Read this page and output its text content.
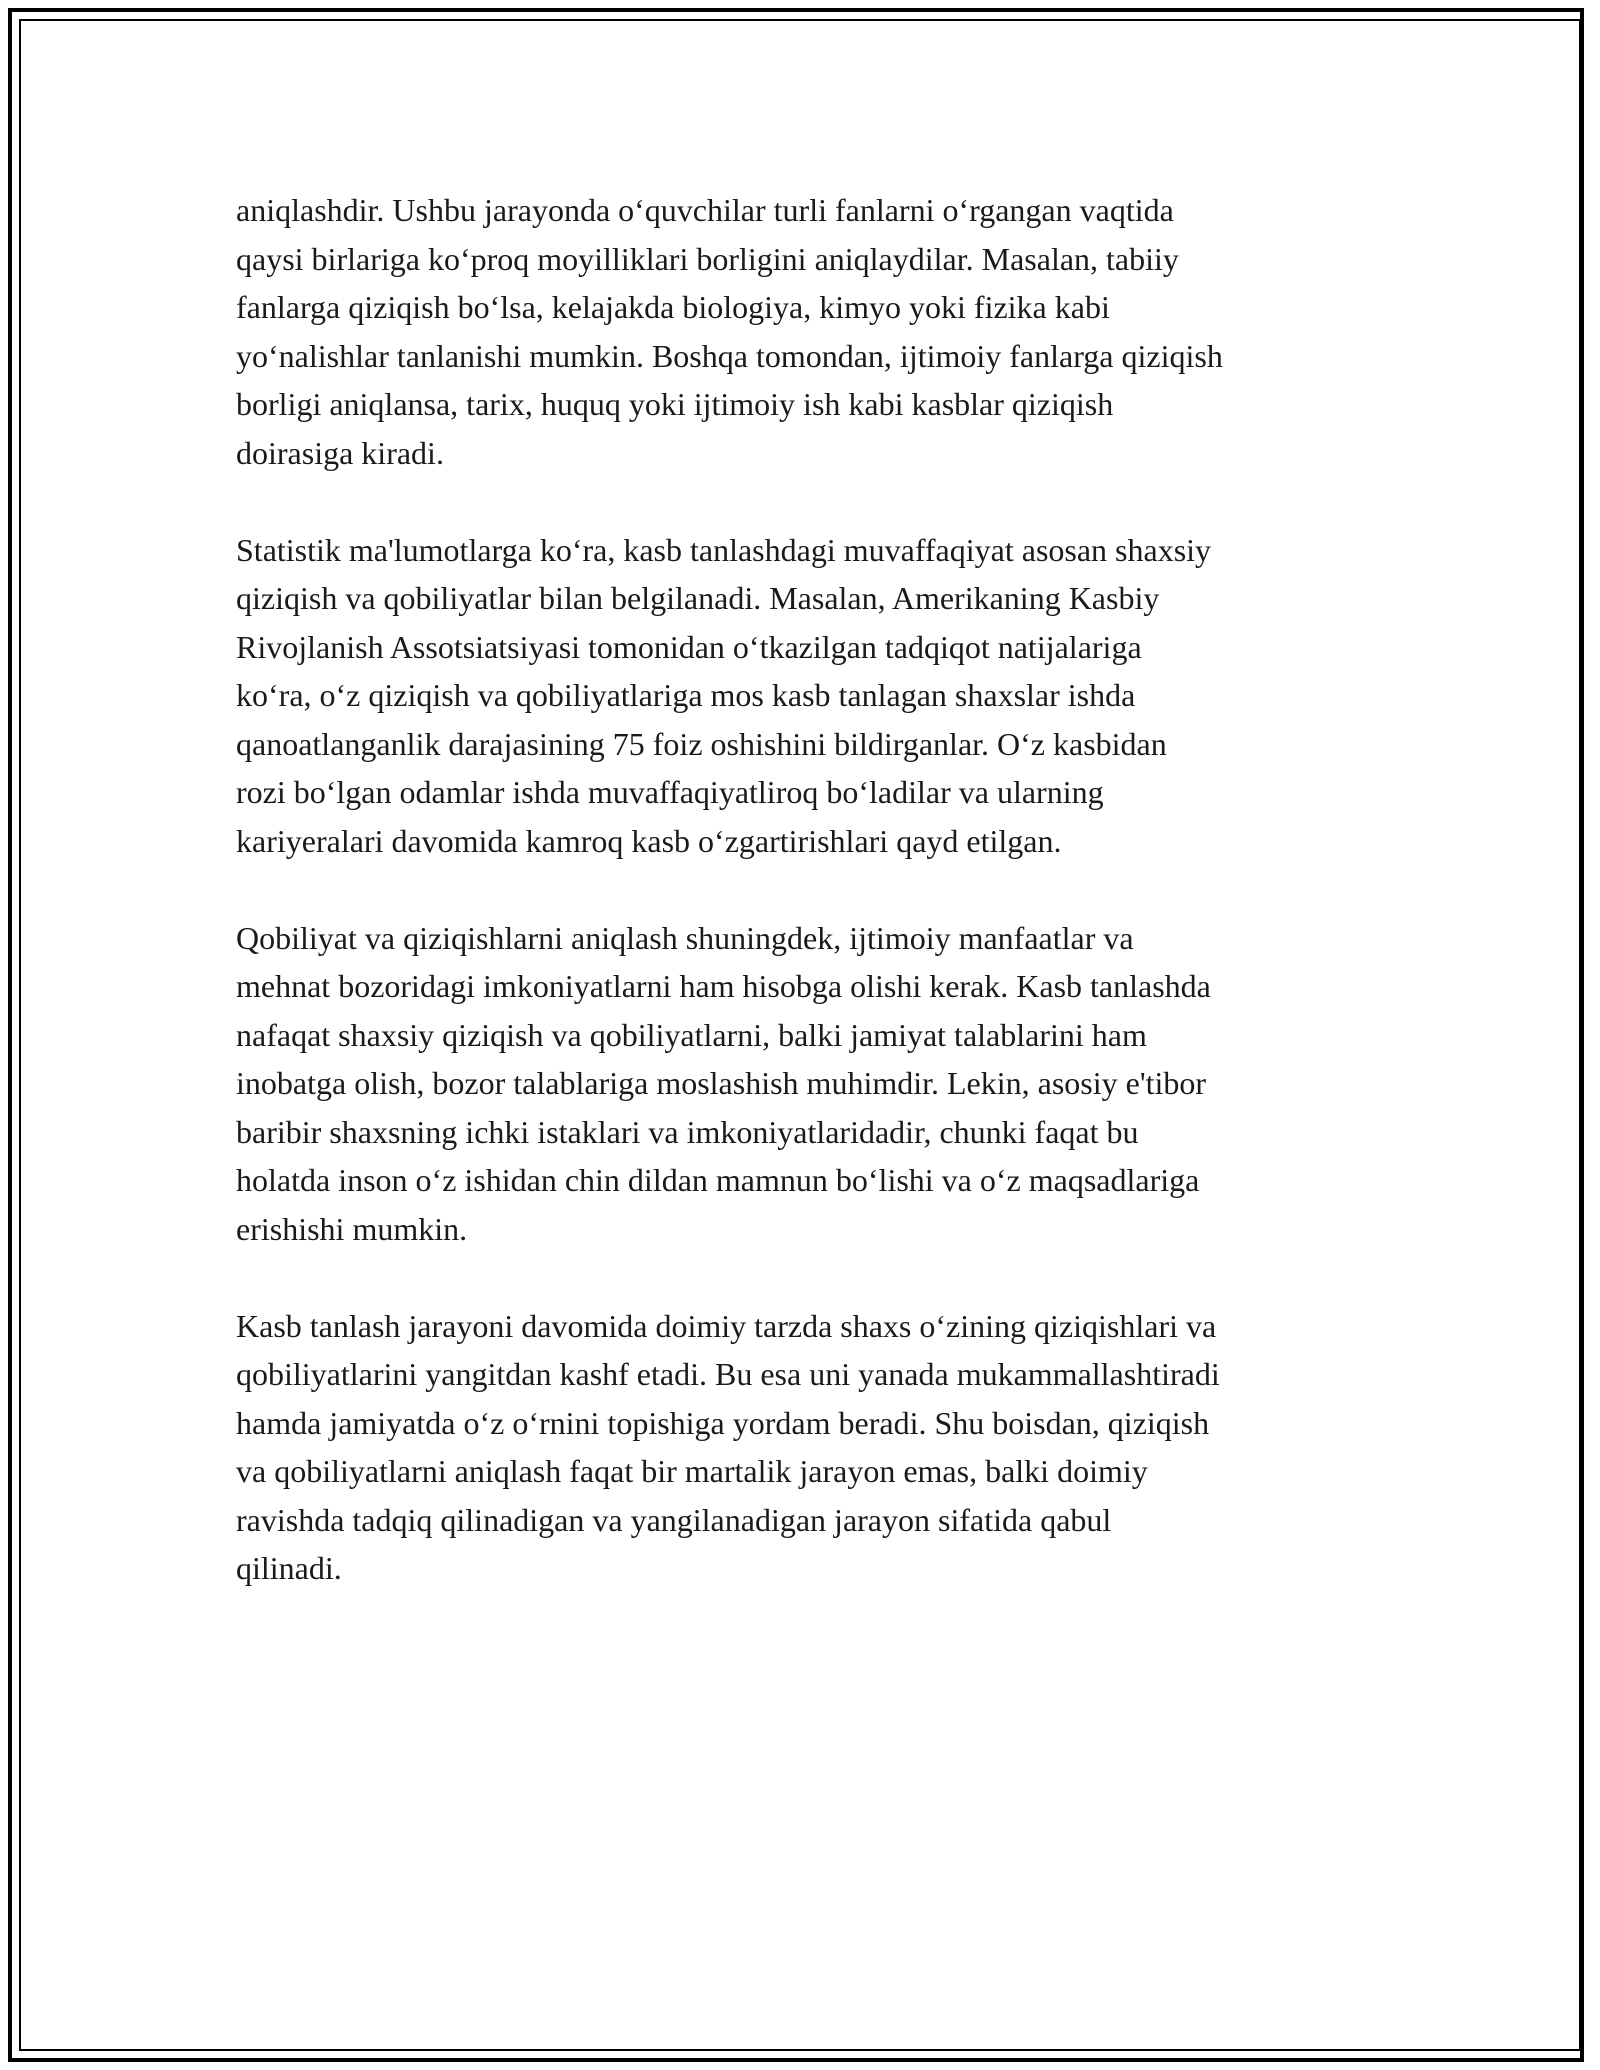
aniqlashdir. Ushbu jarayonda o‘quvchilar turli fanlarni o‘rgangan vaqtida
qaysi birlariga ko‘proq moyilliklari borligini aniqlaydilar. Masalan, tabiiy
fanlarga qiziqish bo‘lsa, kelajakda biologiya, kimyo yoki fizika kabi
yo‘nalishlar tanlanishi mumkin. Boshqa tomondan, ijtimoiy fanlarga qiziqish
borligi aniqlansa, tarix, huquq yoki ijtimoiy ish kabi kasblar qiziqish
doirasiga kiradi.

Statistik ma'lumotlarga ko‘ra, kasb tanlashdagi muvaffaqiyat asosan shaxsiy
qiziqish va qobiliyatlar bilan belgilanadi. Masalan, Amerikaning Kasbiy
Rivojlanish Assotsiatsiyasi tomonidan o‘tkazilgan tadqiqot natijalariga
ko‘ra, o‘z qiziqish va qobiliyatlariga mos kasb tanlagan shaxslar ishda
qanoatlanganlik darajasining 75 foiz oshishini bildirganlar. O‘z kasbidan
rozi bo‘lgan odamlar ishda muvaffaqiyatliroq bo‘ladilar va ularning
kariyeralari davomida kamroq kasb o‘zgartirishlari qayd etilgan.

Qobiliyat va qiziqishlarni aniqlash shuningdek, ijtimoiy manfaatlar va
mehnat bozoridagi imkoniyatlarni ham hisobga olishi kerak. Kasb tanlashda
nafaqat shaxsiy qiziqish va qobiliyatlarni, balki jamiyat talablarini ham
inobatga olish, bozor talablariga moslashish muhimdir. Lekin, asosiy e'tibor
baribir shaxsning ichki istaklari va imkoniyatlaridadir, chunki faqat bu
holatda inson o‘z ishidan chin dildan mamnun bo‘lishi va o‘z maqsadlariga
erishishi mumkin.

Kasb tanlash jarayoni davomida doimiy tarzda shaxs o‘zining qiziqishlari va
qobiliyatlarini yangitdan kashf etadi. Bu esa uni yanada mukammallashtiradi
hamda jamiyatda o‘z o‘rnini topishiga yordam beradi. Shu boisdan, qiziqish
va qobiliyatlarni aniqlash faqat bir martalik jarayon emas, balki doimiy
ravishda tadqiq qilinadigan va yangilanadigan jarayon sifatida qabul
qilinadi.
